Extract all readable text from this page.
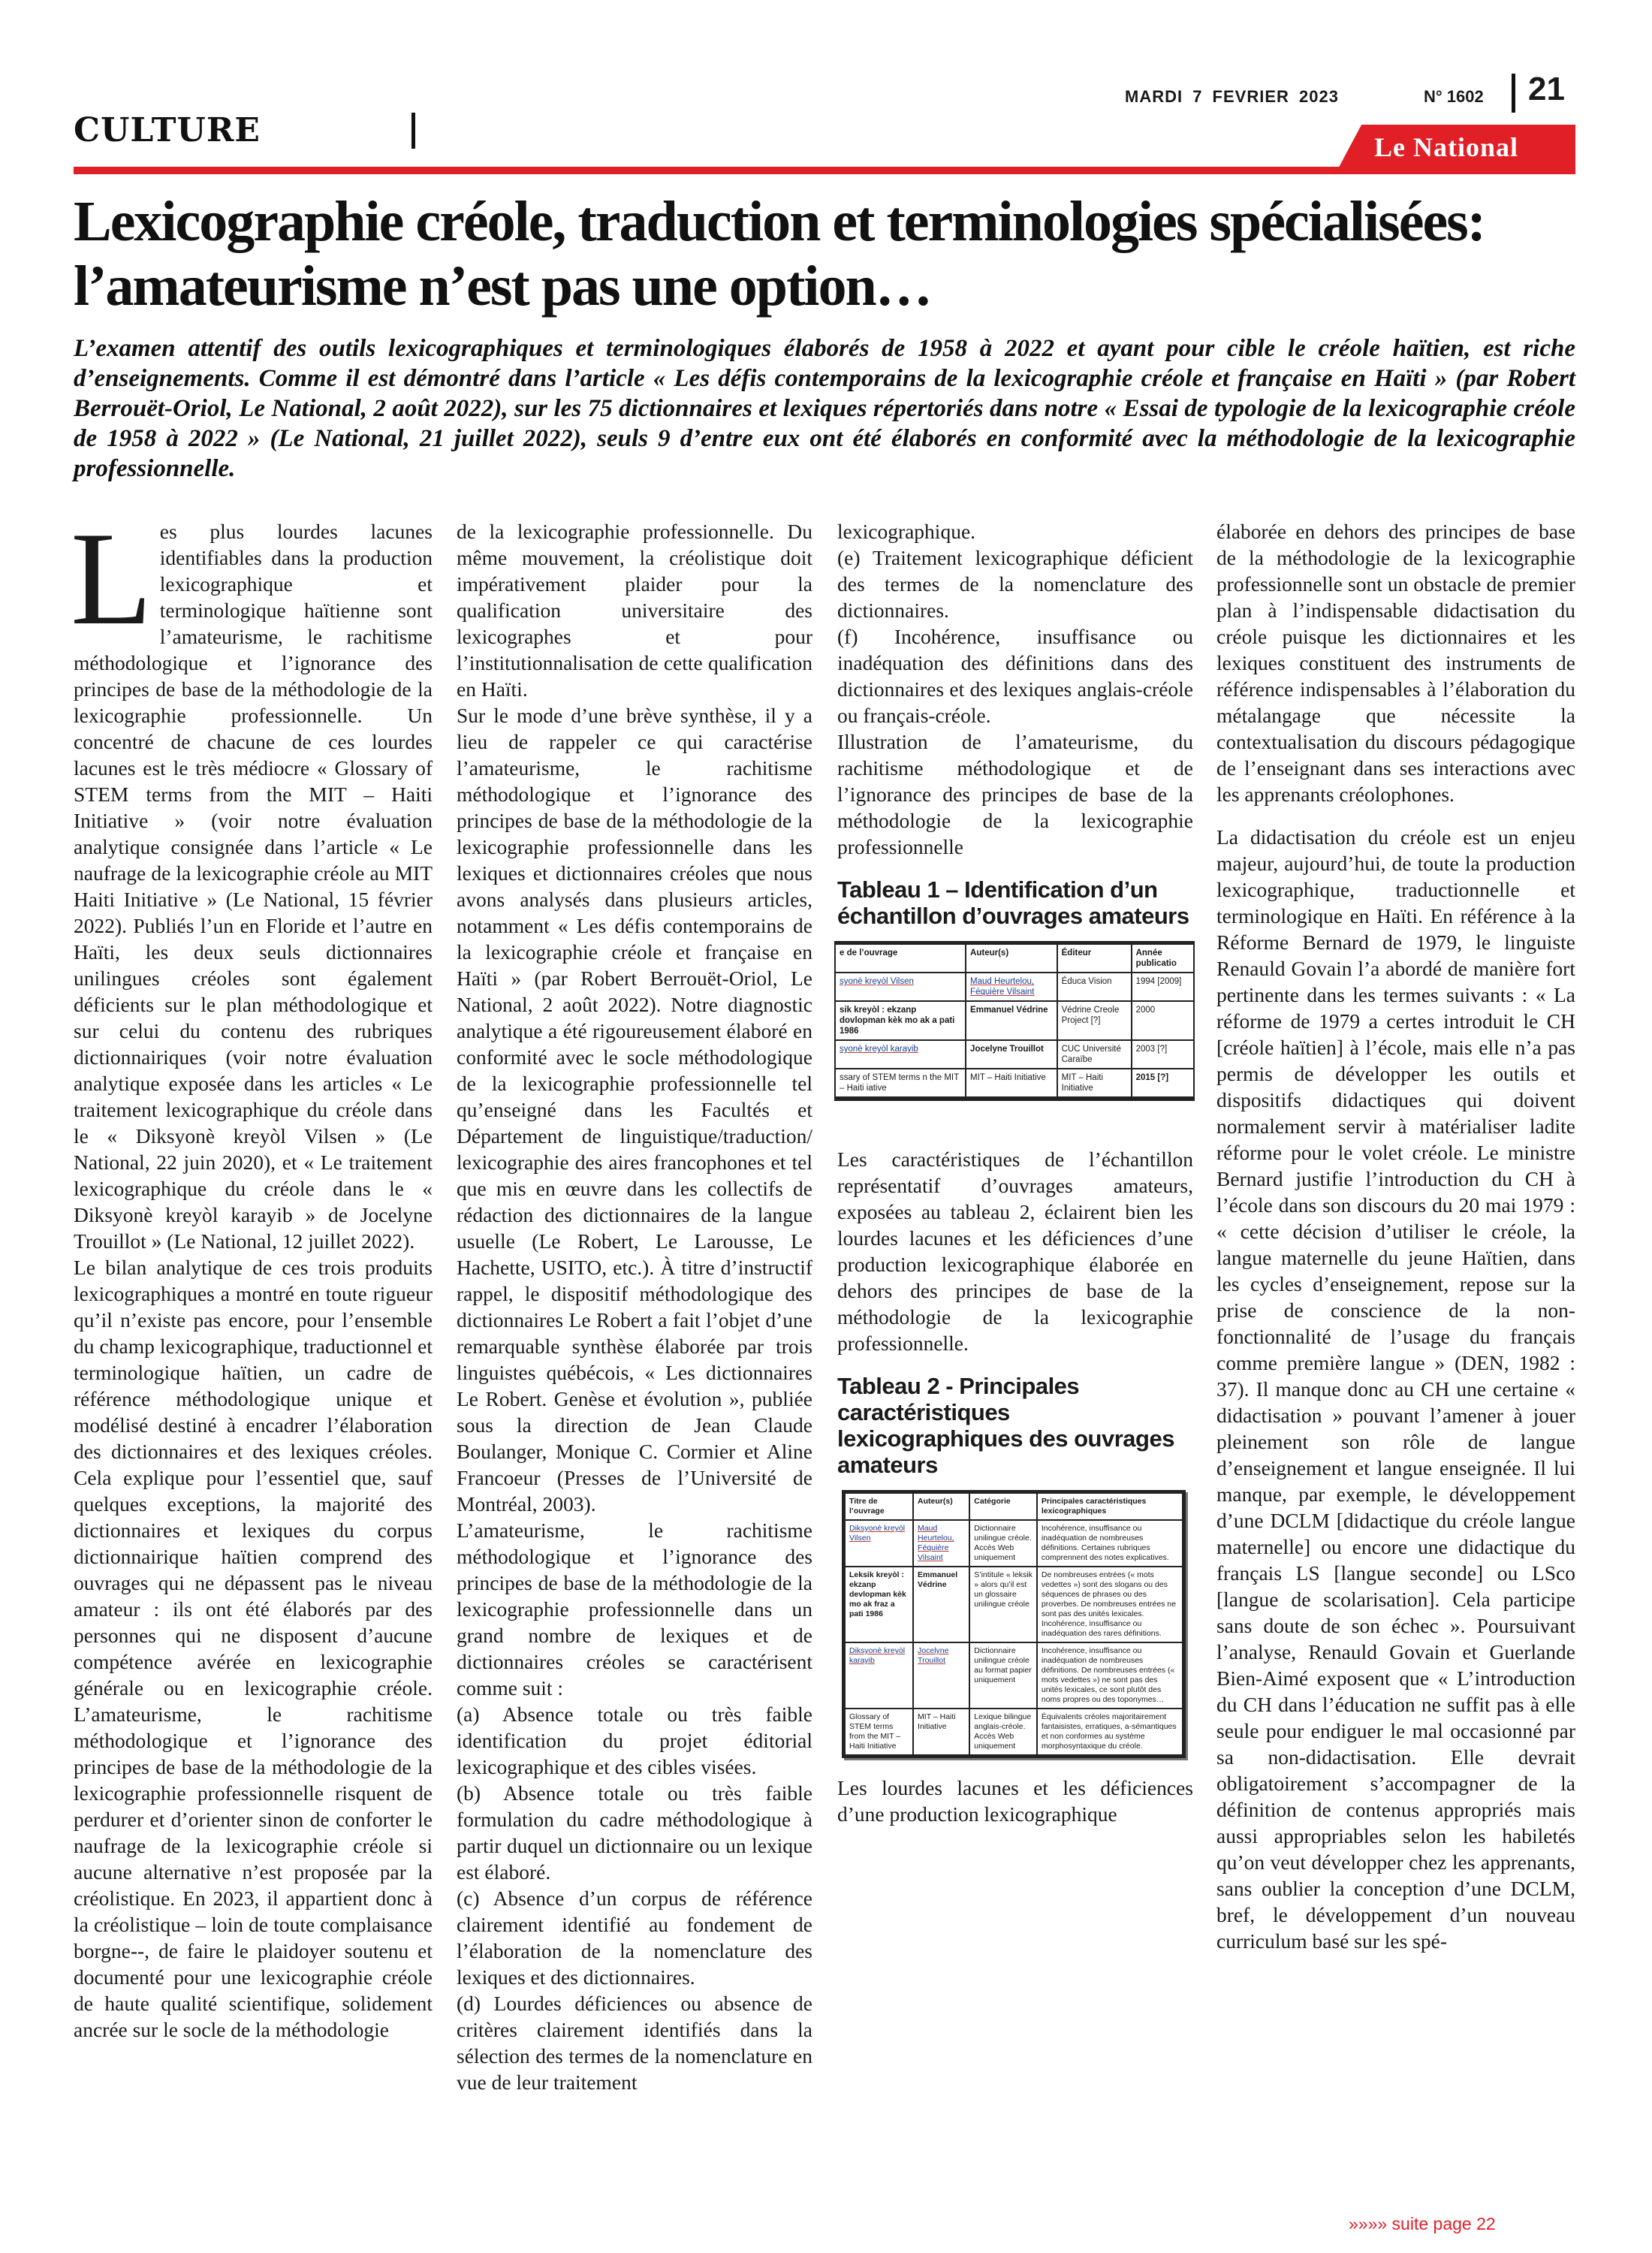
CULTURE
MARDI 7 FEVRIER 2023	N° 1602 21
Le National
Lexicographie créole, traduction et terminologies spécialisées:
l’amateurisme n’est pas une option…
L’examen attentif des outils lexicographiques et terminologiques élaborés de 1958 à 2022 et ayant pour cible le créole haïtien, est riche d’enseignements. Comme il est démontré dans l’article « Les défis contemporains de la lexicographie créole et française en Haïti » (par Robert Berrouët-Oriol, Le National, 2 août 2022), sur les 75 dictionnaires et lexiques répertoriés dans notre « Essai de typologie de la lexicographie créole de 1958 à 2022 » (Le National, 21 juillet 2022), seuls 9 d’entre eux ont été élaborés en conformité avec la méthodologie de la lexicographie professionnelle.

Les plus lourdes lacunes identifiables dans la production lexicographique et terminologique haïtienne sont l’amateurisme, le rachitisme méthodologique et l’ignorance des principes de base de la méthodologie de la lexicographie professionnelle. Un concentré de chacune de ces lourdes lacunes est le très médiocre « Glossary of STEM terms from the MIT – Haiti Initiative » (voir notre évaluation analytique consignée dans l’article « Le naufrage de la lexicographie créole au MIT Haiti Initiative » (Le National, 15 février 2022). Publiés l’un en Floride et l’autre en Haïti, les deux seuls dictionnaires unilingues créoles sont également déficients sur le plan méthodologique et sur celui du contenu des rubriques dictionnairiques (voir notre évaluation analytique exposée dans les articles « Le traitement lexicographique du créole dans le « Diksyonè kreyòl Vilsen » (Le National, 22 juin 2020), et « Le traitement lexicographique du créole dans le « Diksyonè kreyòl karayib » de Jocelyne Trouillot » (Le National, 12 juillet 2022).

Le bilan analytique de ces trois produits lexicographiques a montré en toute rigueur qu’il n’existe pas encore, pour l’ensemble du champ lexicographique, traductionnel et terminologique haïtien, un cadre de référence méthodologique unique et modélisé destiné à encadrer l’élaboration des dictionnaires et des lexiques créoles. Cela explique pour l’essentiel que, sauf quelques exceptions, la majorité des dictionnaires et lexiques du corpus dictionnairique haïtien comprend des ouvrages qui ne dépassent pas le niveau amateur : ils ont été élaborés par des personnes qui ne disposent d’aucune compétence avérée en lexicographie générale ou en lexicographie créole. L’amateurisme, le rachitisme méthodologique et l’ignorance des principes de base de la méthodologie de la lexicographie professionnelle risquent de perdurer et d’orienter sinon de conforter le naufrage de la lexicographie créole si aucune alternative n’est proposée par la créolistique. En 2023, il appartient donc à la créolistique – loin de toute complaisance borgne--, de faire le plaidoyer soutenu et documenté pour une lexicographie créole de haute qualité scientifique, solidement ancrée sur le socle de la méthodologie

de la lexicographie professionnelle. Du même mouvement, la créolistique doit impérativement plaider pour la qualification universitaire des lexicographes et pour l’institutionnalisation de cette qualification en Haïti.

Sur le mode d’une brève synthèse, il y a lieu de rappeler ce qui caractérise l’amateurisme, le rachitisme méthodologique et l’ignorance des principes de base de la méthodologie de la lexicographie professionnelle dans les lexiques et dictionnaires créoles que nous avons analysés dans plusieurs articles, notamment « Les défis contemporains de la lexicographie créole et française en Haïti » (par Robert Berrouët-Oriol, Le National, 2 août 2022). Notre diagnostic analytique a été rigoureusement élaboré en conformité avec le socle méthodologique de la lexicographie professionnelle tel qu’enseigné dans les Facultés et Département de linguistique/traduction/ lexicographie des aires francophones et tel que mis en œuvre dans les collectifs de rédaction des dictionnaires de la langue usuelle (Le Robert, Le Larousse, Le Hachette, USITO, etc.). À titre d’instructif rappel, le dispositif méthodologique des dictionnaires Le Robert a fait l’objet d’une remarquable synthèse élaborée par trois linguistes québécois, « Les dictionnaires Le Robert. Genèse et évolution », publiée sous la direction de Jean Claude Boulanger, Monique C. Cormier et Aline Francoeur (Presses de l’Université de Montréal, 2003).

L’amateurisme, le rachitisme méthodologique et l’ignorance des principes de base de la méthodologie de la lexicographie professionnelle dans un grand nombre de lexiques et de dictionnaires créoles se caractérisent comme suit :

(a) Absence totale ou très faible identification du projet éditorial lexicographique et des cibles visées.

(b) Absence totale ou très faible formulation du cadre méthodologique à partir duquel un dictionnaire ou un lexique est élaboré.

(c) Absence d’un corpus de référence clairement identifié au fondement de l’élaboration de la nomenclature des lexiques et des dictionnaires.

(d) Lourdes déficiences ou absence de critères clairement identifiés dans la sélection des termes de la nomenclature en vue de leur traitement

lexicographique.

(e) Traitement lexicographique déficient des termes de la nomenclature des dictionnaires.

(f) Incohérence, insuffisance ou inadéquation des définitions dans des dictionnaires et des lexiques anglais-créole ou français-créole.

Illustration de l’amateurisme, du rachitisme méthodologique et de l’ignorance des principes de base de la méthodologie de la lexicographie professionnelle

Tableau 1 – Identification d’un échantillon d’ouvrages amateurs
e de l’ouvrage	Auteur(s)	Éditeur	Année publicatio
syonè kreyòl Vilsen	Maud Heurtelou, Féquière Vilsaint	Éduca Vision	1994 [2009]
sik kreyòl : ekzanp dovlopman kèk mo ak a pati 1986	Emmanuel Védrine	Védrine Creole Project [?]	2000
syonè kreyòl karayib	Jocelyne Trouillot	CUC Université Caraïbe	2003 [?]
ssary of STEM terms n the MIT – Haiti iative	MIT – Haiti Initiative	MIT – Haiti Initiative	2015 [?]

Les caractéristiques de l’échantillon représentatif d’ouvrages amateurs, exposées au tableau 2, éclairent bien les lourdes lacunes et les déficiences d’une production lexicographique élaborée en dehors des principes de base de la méthodologie de la lexicographie professionnelle.

Tableau 2 - Principales caractéristiques lexicographiques des ouvrages amateurs
Titre de l’ouvrage	Auteur(s)	Catégorie	Principales caractéristiques lexicographiques
Diksyonè kreyòl Vilsen	Maud Heurtelou, Féquière Vilsaint	Dictionnaire unilingue créole. Accès Web uniquement	Incohérence, insuffisance ou inadéquation de nombreuses définitions. Certaines rubriques comprennent des notes explicatives.
Leksik kreyòl : ekzanp devlopman kèk mo ak fraz a pati 1986	Emmanuel Védrine	S’intitule « leksik » alors qu’il est un glossaire unilingue créole	De nombreuses entrées (« mots vedettes ») sont des slogans ou des séquences de phrases ou des proverbes. De nombreuses entrées ne sont pas des unités lexicales. Incohérence, insuffisance ou inadéquation des rares définitions.
Diksyonè kreyòl karayib	Jocelyne Trouillot	Dictionnaire unilingue créole au format papier uniquement	Incohérence, insuffisance ou inadéquation de nombreuses définitions. De nombreuses entrées (« mots vedettes ») ne sont pas des unités lexicales, ce sont plutôt des noms propres ou des toponymes…
Glossary of STEM terms from the MIT – Haiti Initiative	MIT – Haiti Initiative	Lexique bilingue anglais-créole. Accès Web uniquement	Équivalents créoles majoritairement fantaisistes, erratiques, a-sémantiques et non conformes au système morphosyntaxique du créole.

Les lourdes lacunes et les déficiences d’une production lexicographique

élaborée en dehors des principes de base de la méthodologie de la lexicographie professionnelle sont un obstacle de premier plan à l’indispensable didactisation du créole puisque les dictionnaires et les lexiques constituent des instruments de référence indispensables à l’élaboration du métalangage que nécessite la contextualisation du discours pédagogique de l’enseignant dans ses interactions avec les apprenants créolophones.

La didactisation du créole est un enjeu majeur, aujourd’hui, de toute la production lexicographique, traductionnelle et terminologique en Haïti. En référence à la Réforme Bernard de 1979, le linguiste Renauld Govain l’a abordé de manière fort pertinente dans les termes suivants : « La réforme de 1979 a certes introduit le CH [créole haïtien] à l’école, mais elle n’a pas permis de développer les outils et dispositifs didactiques qui doivent normalement servir à matérialiser ladite réforme pour le volet créole. Le ministre Bernard justifie l’introduction du CH à l’école dans son discours du 20 mai 1979 : « cette décision d’utiliser le créole, la langue maternelle du jeune Haïtien, dans les cycles d’enseignement, repose sur la prise de conscience de la non-fonctionnalité de l’usage du français comme première langue » (DEN, 1982 : 37). Il manque donc au CH une certaine « didactisation » pouvant l’amener à jouer pleinement son rôle de langue d’enseignement et langue enseignée. Il lui manque, par exemple, le développement d’une DCLM [didactique du créole langue maternelle] ou encore une didactique du français LS [langue seconde] ou LSco [langue de scolarisation]. Cela participe sans doute de son échec ». Poursuivant l’analyse, Renauld Govain et Guerlande Bien-Aimé exposent que « L’introduction du CH dans l’éducation ne suffit pas à elle seule pour endiguer le mal occasionné par sa non-didactisation. Elle devrait obligatoirement s’accompagner de la définition de contenus appropriés mais aussi appropriables selon les habiletés qu’on veut développer chez les apprenants, sans oublier la conception d’une DCLM, bref, le développement d’un nouveau curriculum basé sur les spé-

»»»» suite page 22
